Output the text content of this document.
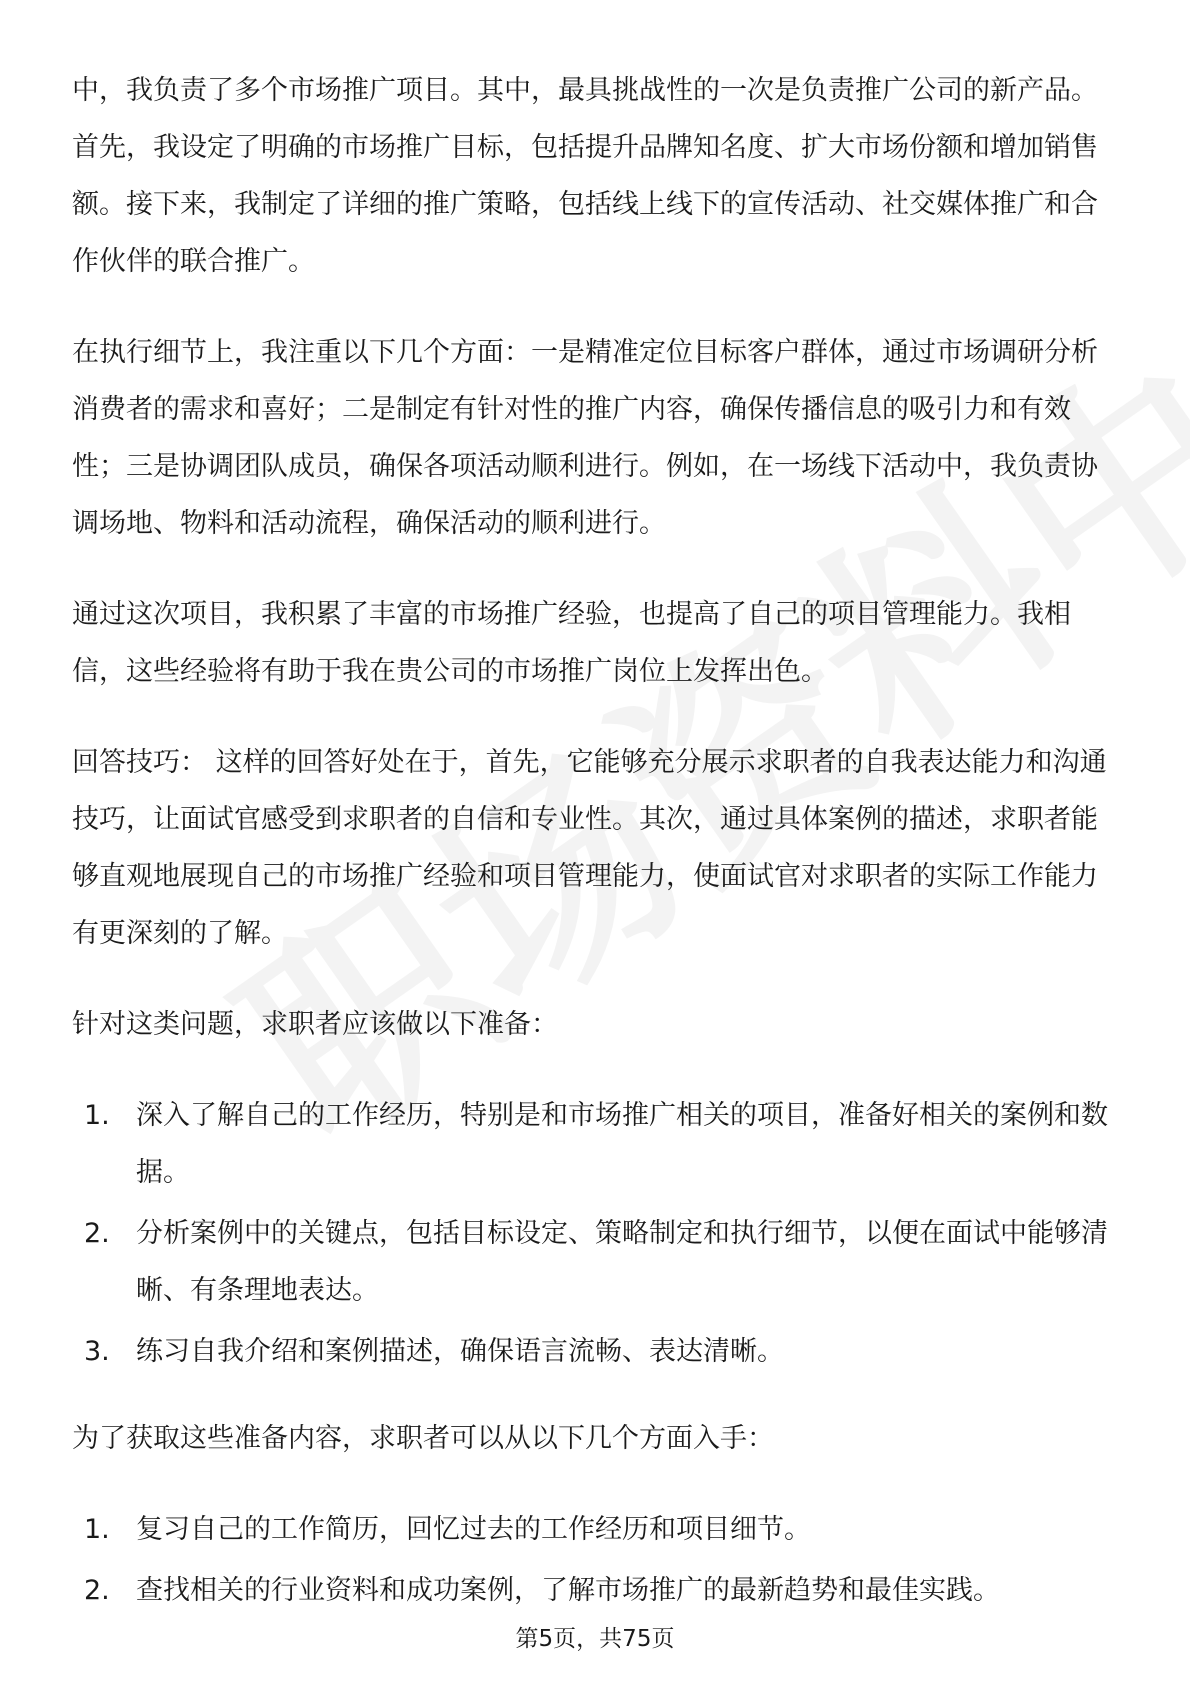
中，我负责了多个市场推广项目。其中，最具挑战性的一次是负责推广公司的新产品。首先，我设定了明确的市场推广目标，包括提升品牌知名度、扩大市场份额和增加销售额。接下来，我制定了详细的推广策略，包括线上线下的宣传活动、社交媒体推广和合作伙伴的联合推广。

在执行细节上，我注重以下几个方面：一是精准定位目标客户群体，通过市场调研分析消费者的需求和喜好；二是制定有针对性的推广内容，确保传播信息的吸引力和有效性；三是协调团队成员，确保各项活动顺利进行。例如，在一场线下活动中，我负责协调场地、物料和活动流程，确保活动的顺利进行。

通过这次项目，我积累了丰富的市场推广经验，也提高了自己的项目管理能力。我相信，这些经验将有助于我在贵公司的市场推广岗位上发挥出色。

回答技巧： 这样的回答好处在于，首先，它能够充分展示求职者的自我表达能力和沟通技巧，让面试官感受到求职者的自信和专业性。其次，通过具体案例的描述，求职者能够直观地展现自己的市场推广经验和项目管理能力，使面试官对求职者的实际工作能力有更深刻的了解。

针对这类问题，求职者应该做以下准备：

1. 深入了解自己的工作经历，特别是和市场推广相关的项目，准备好相关的案例和数据。
2. 分析案例中的关键点，包括目标设定、策略制定和执行细节，以便在面试中能够清晰、有条理地表达。
3. 练习自我介绍和案例描述，确保语言流畅、表达清晰。

为了获取这些准备内容，求职者可以从以下几个方面入手：

1. 复习自己的工作简历，回忆过去的工作经历和项目细节。
2. 查找相关的行业资料和成功案例，了解市场推广的最新趋势和最佳实践。
第5页，共75页
